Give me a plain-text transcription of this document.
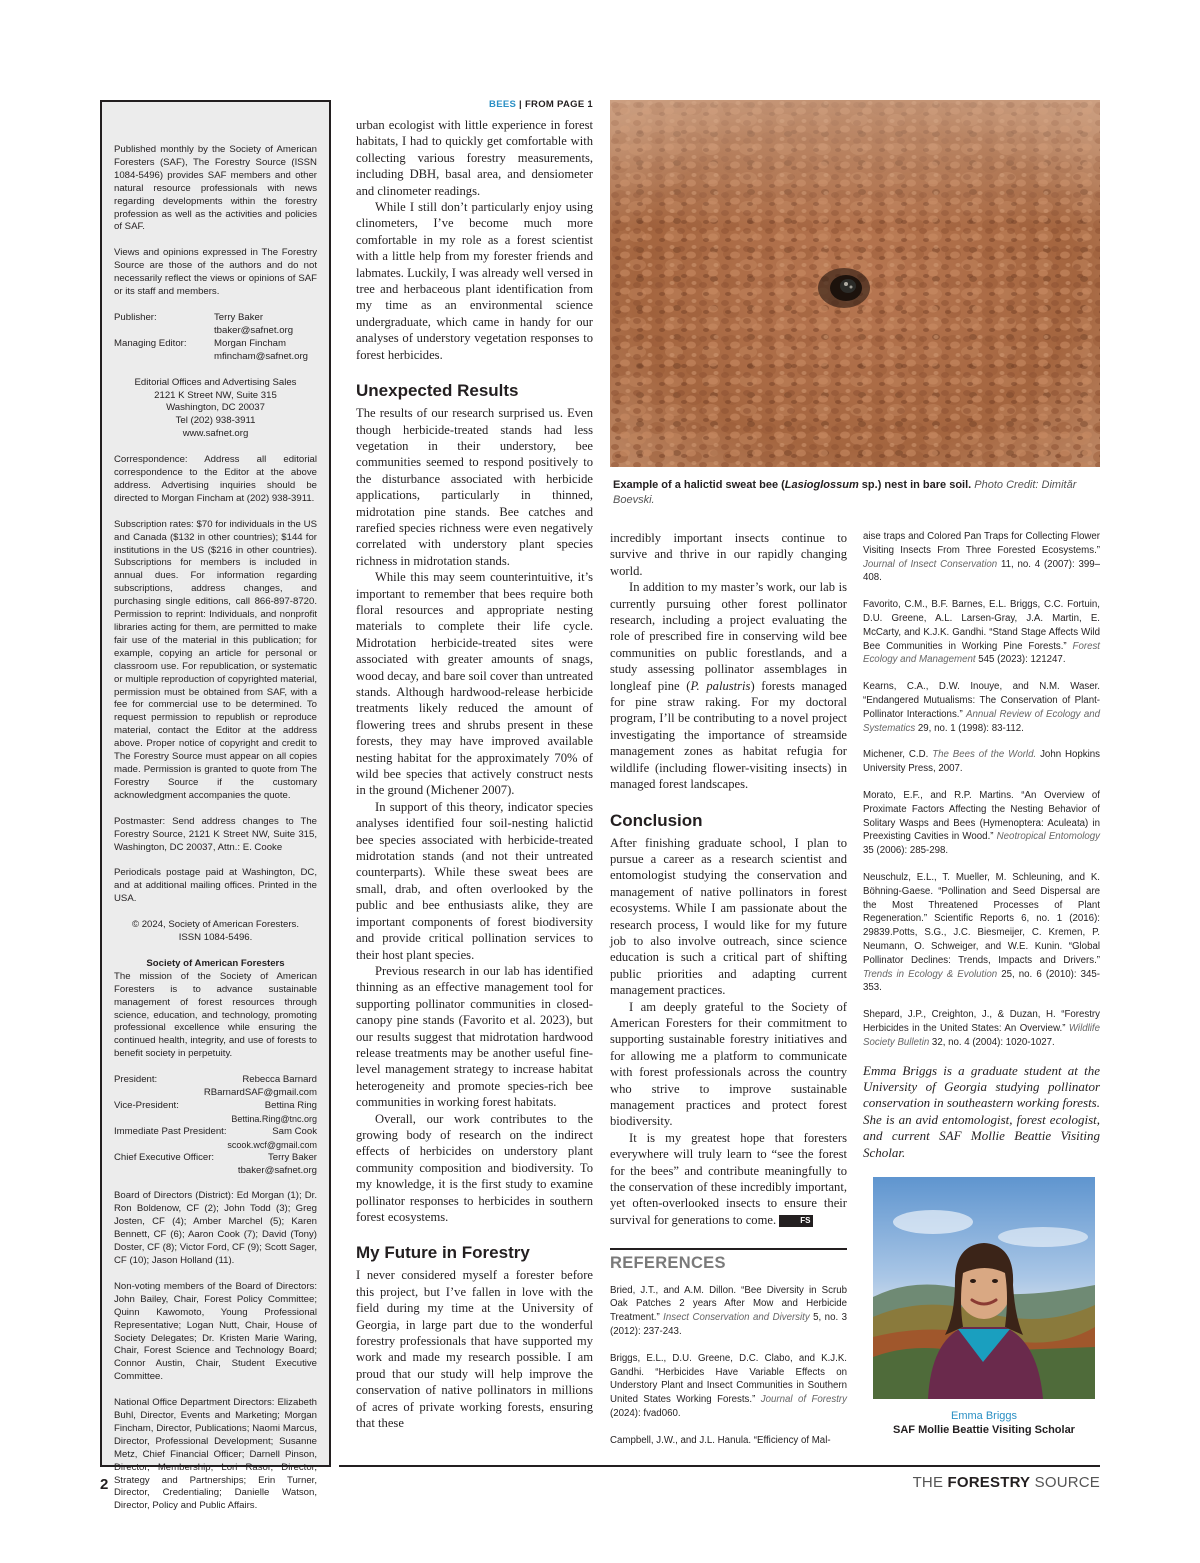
Published monthly by the Society of American Foresters (SAF), The Forestry Source (ISSN 1084-5496) provides SAF members and other natural resource professionals with news regarding developments within the forestry profession as well as the activities and policies of SAF.

Views and opinions expressed in The Forestry Source are those of the authors and do not necessarily reflect the views or opinions of SAF or its staff and members.

Publisher:	Terry Baker
tbaker@safnet.org
Managing Editor:	Morgan Fincham
mfincham@safnet.org
Editorial Offices and Advertising Sales
2121 K Street NW, Suite 315
Washington, DC 20037
Tel (202) 938-3911
www.safnet.org

Correspondence: Address all editorial correspondence to the Editor at the above address. Advertising inquiries should be directed to Morgan Fincham at (202) 938-3911.

Subscription rates: $70 for individuals in the US and Canada ($132 in other countries); $144 for institutions in the US ($216 in other countries). Subscriptions for members is included in annual dues. For information regarding subscriptions, address changes, and purchasing single editions, call 866-897-8720. Permission to reprint: Individuals, and nonprofit libraries acting for them, are permitted to make fair use of the material in this publication; for example, copying an article for personal or classroom use. For republication, or systematic or multiple reproduction of copyrighted material, permission must be obtained from SAF, with a fee for commercial use to be determined. To request permission to republish or reproduce material, contact the Editor at the address above. Proper notice of copyright and credit to The Forestry Source must appear on all copies made. Permission is granted to quote from The Forestry Source if the customary acknowledgment accompanies the quote.

Postmaster: Send address changes to The Forestry Source, 2121 K Street NW, Suite 315, Washington, DC 20037, Attn.: E. Cooke

Periodicals postage paid at Washington, DC, and at additional mailing offices. Printed in the USA.

© 2024, Society of American Foresters.
ISSN 1084-5496.
Society of American Foresters

The mission of the Society of American Foresters is to advance sustainable management of forest resources through science, education, and technology, promoting professional excellence while ensuring the continued health, integrity, and use of forests to benefit society in perpetuity.

President:	Rebecca Barnard
RBarnardSAF@gmail.com
Vice-President:	Bettina Ring
Bettina.Ring@tnc.org
Immediate Past President:	Sam Cook
scook.wcf@gmail.com
Chief Executive Officer:	Terry Baker
tbaker@safnet.org

Board of Directors (District): Ed Morgan (1); Dr. Ron Boldenow, CF (2); John Todd (3); Greg Josten, CF (4); Amber Marchel (5); Karen Bennett, CF (6); Aaron Cook (7); David (Tony) Doster, CF (8); Victor Ford, CF (9); Scott Sager, CF (10); Jason Holland (11).

Non-voting members of the Board of Directors: John Bailey, Chair, Forest Policy Committee; Quinn Kawomoto, Young Professional Representative; Logan Nutt, Chair, House of Society Delegates; Dr. Kristen Marie Waring, Chair, Forest Science and Technology Board; Connor Austin, Chair, Student Executive Committee.

National Office Department Directors: Elizabeth Buhl, Director, Events and Marketing; Morgan Fincham, Director, Publications; Naomi Marcus, Director, Professional Development; Susanne Metz, Chief Financial Officer; Darnell Pinson, Director, Membership; Lori Rasor, Director, Strategy and Partnerships; Erin Turner, Director, Credentialing; Danielle Watson, Director, Policy and Public Affairs.

BEES | FROM PAGE 1

urban ecologist with little experience in forest habitats, I had to quickly get comfortable with collecting various forestry measurements, including DBH, basal area, and densiometer and clinometer readings.

While I still don’t particularly enjoy using clinometers, I’ve become much more comfortable in my role as a forest scientist with a little help from my forester friends and labmates. Luckily, I was already well versed in tree and herbaceous plant identification from my time as an environmental science undergraduate, which came in handy for our analyses of understory vegetation responses to forest herbicides.

Unexpected Results

The results of our research surprised us. Even though herbicide-treated stands had less vegetation in their understory, bee communities seemed to respond positively to the disturbance associated with herbicide applications, particularly in thinned, midrotation pine stands. Bee catches and rarefied species richness were even negatively correlated with understory plant species richness in midrotation stands.

While this may seem counterintuitive, it’s important to remember that bees require both floral resources and appropriate nesting materials to complete their life cycle. Midrotation herbicide-treated sites were associated with greater amounts of snags, wood decay, and bare soil cover than untreated stands. Although hardwood-release herbicide treatments likely reduced the amount of flowering trees and shrubs present in these forests, they may have improved available nesting habitat for the approximately 70% of wild bee species that actively construct nests in the ground (Michener 2007).

In support of this theory, indicator species analyses identified four soil-nesting halictid bee species associated with herbicide-treated midrotation stands (and not their untreated counterparts). While these sweat bees are small, drab, and often overlooked by the public and bee enthusiasts alike, they are important components of forest biodiversity and provide critical pollination services to their host plant species.

Previous research in our lab has identified thinning as an effective management tool for supporting pollinator communities in closed-canopy pine stands (Favorito et al. 2023), but our results suggest that midrotation hardwood release treatments may be another useful fine-level management strategy to increase habitat heterogeneity and promote species-rich bee communities in working forest habitats.

Overall, our work contributes to the growing body of research on the indirect effects of herbicides on understory plant community composition and biodiversity. To my knowledge, it is the first study to examine pollinator responses to herbicides in southern forest ecosystems.

My Future in Forestry

I never considered myself a forester before this project, but I’ve fallen in love with the field during my time at the University of Georgia, in large part due to the wonderful forestry professionals that have supported my work and made my research possible. I am proud that our study will help improve the conservation of native pollinators in millions of acres of private working forests, ensuring that these

Example of a halictid sweat bee (Lasioglossum sp.) nest in bare soil. Photo Credit: Dimităr Boevski.

incredibly important insects continue to survive and thrive in our rapidly changing world.

In addition to my master’s work, our lab is currently pursuing other forest pollinator research, including a project evaluating the role of prescribed fire in conserving wild bee communities on public forestlands, and a study assessing pollinator assemblages in longleaf pine (P. palustris) forests managed for pine straw raking. For my doctoral program, I’ll be contributing to a novel project investigating the importance of streamside management zones as habitat refugia for wildlife (including flower-visiting insects) in managed forest landscapes.

Conclusion

After finishing graduate school, I plan to pursue a career as a research scientist and entomologist studying the conservation and management of native pollinators in forest ecosystems. While I am passionate about the research process, I would like for my future job to also involve outreach, since science education is such a critical part of shifting public priorities and adapting current management practices.

I am deeply grateful to the Society of American Foresters for their commitment to supporting sustainable forestry initiatives and for allowing me a platform to communicate with forest professionals across the country who strive to improve sustainable management practices and protect forest biodiversity.

It is my greatest hope that foresters everywhere will truly learn to “see the forest for the bees” and contribute meaningfully to the conservation of these incredibly important, yet often-overlooked insects to ensure their survival for generations to come.	FS

REFERENCES
Bried, J.T., and A.M. Dillon. “Bee Diversity in Scrub Oak Patches 2 years After Mow and Herbicide Treatment.” Insect Conservation and Diversity 5, no. 3 (2012): 237-243.
Briggs, E.L., D.U. Greene, D.C. Clabo, and K.J.K. Gandhi. “Herbicides Have Variable Effects on Understory Plant and Insect Communities in Southern United States Working Forests.” Journal of Forestry (2024): fvad060.
Campbell, J.W., and J.L. Hanula. “Efficiency of Mal-
aise traps and Colored Pan Traps for Collecting Flower Visiting Insects From Three Forested Ecosystems.” Journal of Insect Conservation 11, no. 4 (2007): 399–408.
Favorito, C.M., B.F. Barnes, E.L. Briggs, C.C. Fortuin, D.U. Greene, A.L. Larsen-Gray, J.A. Martin, E. McCarty, and K.J.K. Gandhi. “Stand Stage Affects Wild Bee Communities in Working Pine Forests.” Forest Ecology and Management 545 (2023): 121247.
Kearns, C.A., D.W. Inouye, and N.M. Waser. “Endangered Mutualisms: The Conservation of Plant-Pollinator Interactions.” Annual Review of Ecology and Systematics 29, no. 1 (1998): 83-112.
Michener, C.D. The Bees of the World. John Hopkins University Press, 2007.
Morato, E.F., and R.P. Martins. “An Overview of Proximate Factors Affecting the Nesting Behavior of Solitary Wasps and Bees (Hymenoptera: Aculeata) in Preexisting Cavities in Wood.” Neotropical Entomology 35 (2006): 285-298.
Neuschulz, E.L., T. Mueller, M. Schleuning, and K. Böhning-Gaese. “Pollination and Seed Dispersal are the Most Threatened Processes of Plant Regeneration.” Scientific Reports 6, no. 1 (2016): 29839.Potts, S.G., J.C. Biesmeijer, C. Kremen, P. Neumann, O. Schweiger, and W.E. Kunin. “Global Pollinator Declines: Trends, Impacts and Drivers.” Trends in Ecology & Evolution 25, no. 6 (2010): 345-353.
Shepard, J.P., Creighton, J., & Duzan, H. “Forestry Herbicides in the United States: An Overview.” Wildlife Society Bulletin 32, no. 4 (2004): 1020-1027.

Emma Briggs is a graduate student at the University of Georgia studying pollinator conservation in southeastern working forests. She is an avid entomologist, forest ecologist, and current SAF Mollie Beattie Visiting Scholar.

Emma Briggs
SAF Mollie Beattie Visiting Scholar
2	THE FORESTRY SOURCE
